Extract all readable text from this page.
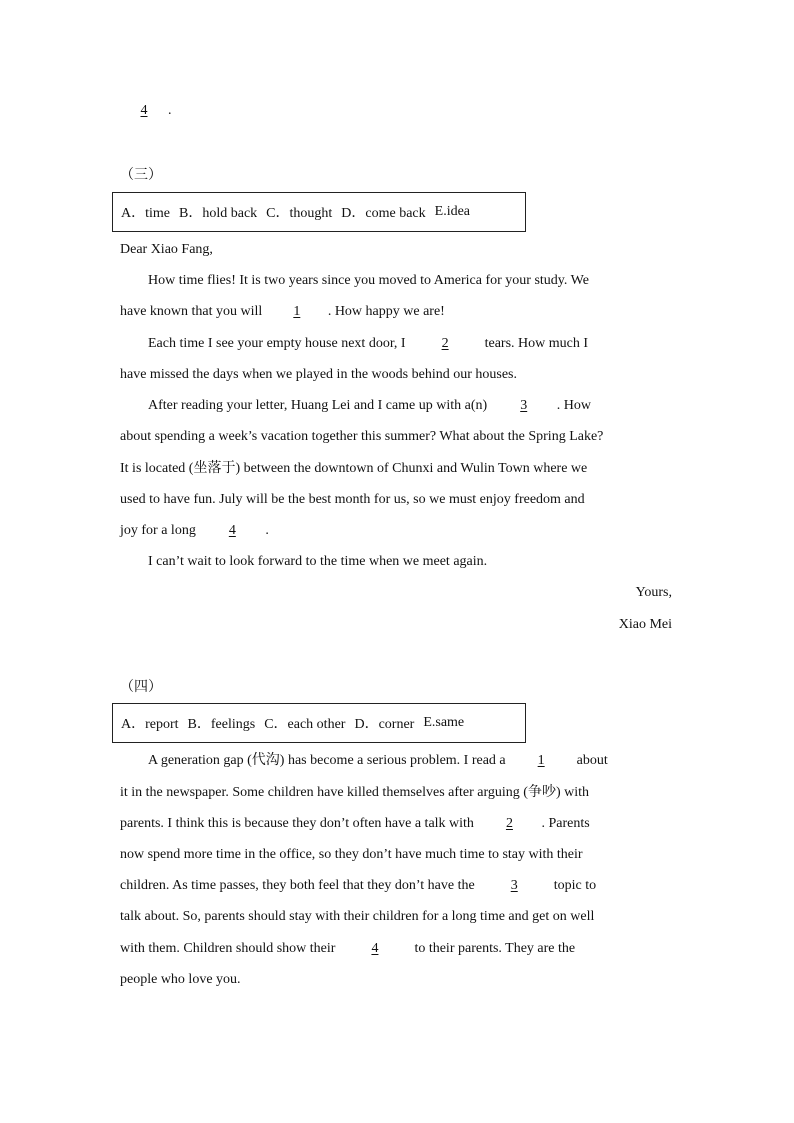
4 .
（三）
A．time B．hold back C．thought D．come back E.idea
Dear Xiao Fang,
How time flies! It is two years since you moved to America for your study. We
have known that you will 1 . How happy we are!
Each time I see your empty house next door, I 2 tears. How much I
have missed the days when we played in the woods behind our houses.
After reading your letter, Huang Lei and I came up with a(n) 3 . How
about spending a week’s vacation together this summer? What about the Spring Lake?
It is located (坐落于) between the downtown of Chunxi and Wulin Town where we
used to have fun. July will be the best month for us, so we must enjoy freedom and
joy for a long 4 .
I can’t wait to look forward to the time when we meet again.
Yours,
Xiao Mei
（四）
A．report B．feelings C．each other D．corner E.same
A generation gap (代沟) has become a serious problem. I read a 1 about
it in the newspaper. Some children have killed themselves after arguing (争吵) with
parents. I think this is because they don’t often have a talk with 2 . Parents
now spend more time in the office, so they don’t have much time to stay with their
children. As time passes, they both feel that they don’t have the 3 topic to
talk about. So, parents should stay with their children for a long time and get on well
with them. Children should show their 4 to their parents. They are the
people who love you.
